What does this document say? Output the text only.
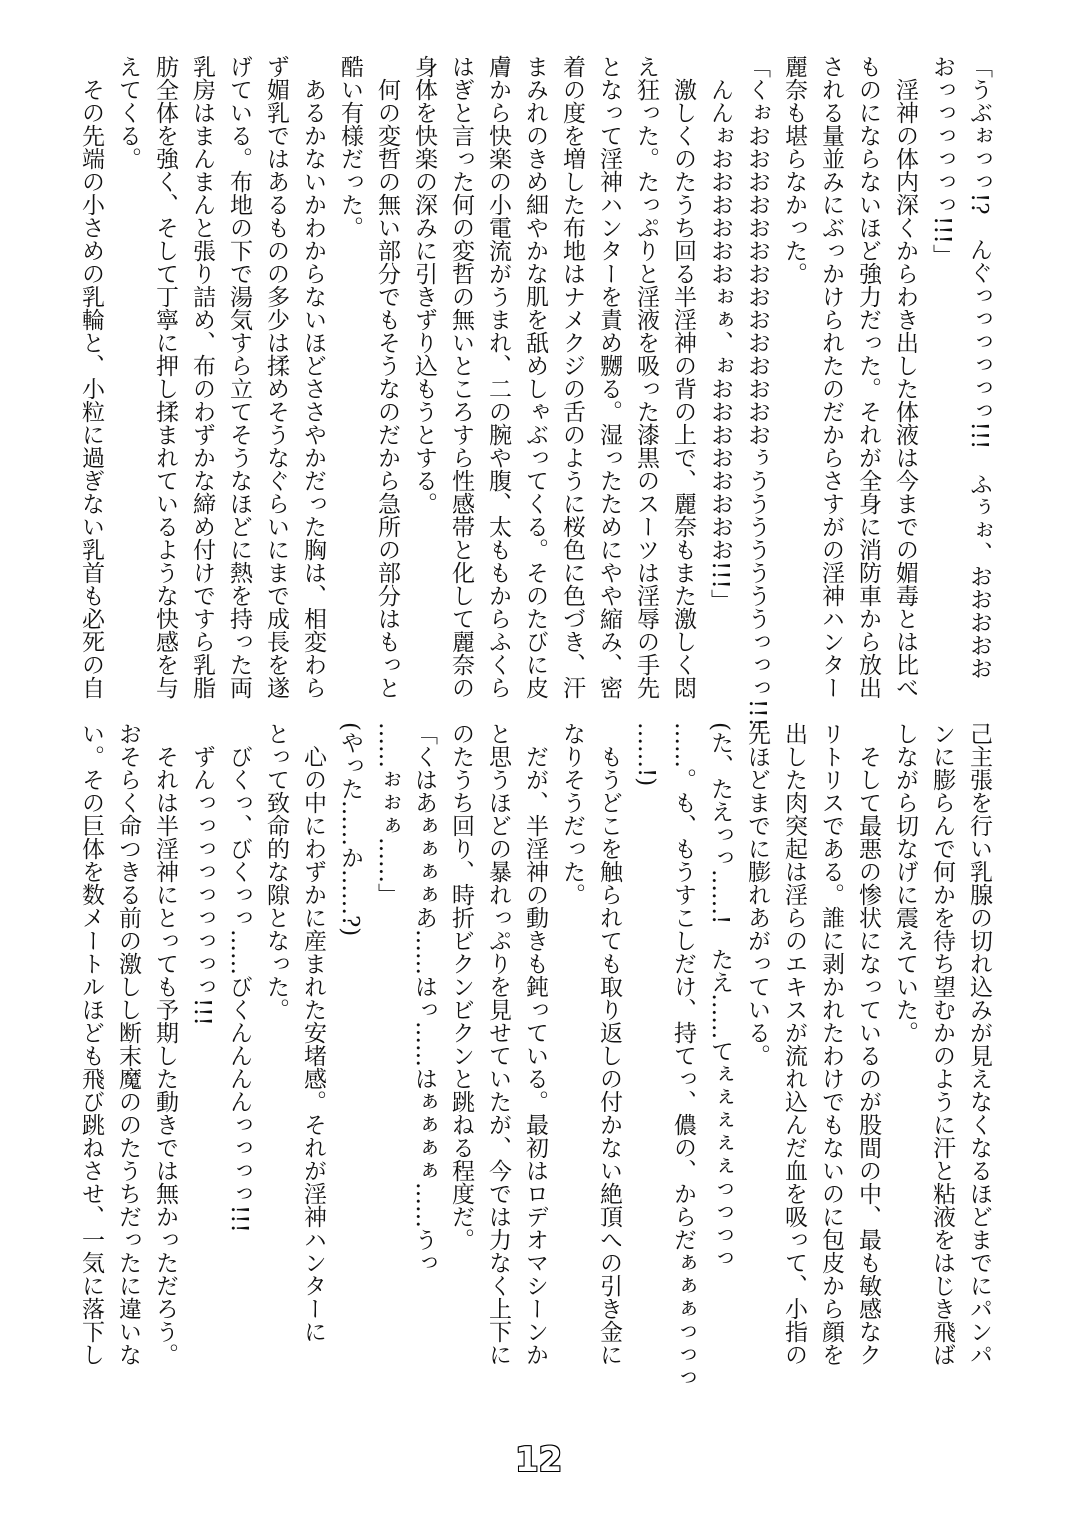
「うぶぉっっ!?　んぐっっっっっっ!!!　ふぅぉ、おおおおお
おっっっっっっ!!!」
　淫神の体内深くからわき出した体液は今までの媚毒とは比べ
ものにならないほど強力だった。それが全身に消防車から放出
される量並みにぶっかけられたのだからさすがの淫神ハンター
麗奈も堪らなかった。
「くぉおおおおおおおおおおおおおおぅうううううううっっっ!!!
　んんぉおおおおおおぉぁ、ぉおおおおおおおお!!!」
　激しくのたうち回る半淫神の背の上で、麗奈もまた激しく悶
え狂った。たっぷりと淫液を吸った漆黒のスーツは淫辱の手先
となって淫神ハンターを責め嬲る。湿ったためにやや縮み、密
着の度を増した布地はナメクジの舌のように桜色に色づき、汗
まみれのきめ細やかな肌を舐めしゃぶってくる。そのたびに皮
膚から快楽の小電流がうまれ、二の腕や腹、太ももからふくら
はぎと言った何の変哲の無いところすら性感帯と化して麗奈の
身体を快楽の深みに引きずり込もうとする。
　何の変哲の無い部分でもそうなのだから急所の部分はもっと
酷い有様だった。
　あるかないかわからないほどささやかだった胸は、相変わら
ず媚乳ではあるものの多少は揉めそうなぐらいにまで成長を遂
げている。布地の下で湯気すら立てそうなほどに熱を持った両
乳房はまんまんと張り詰め、布のわずかな締め付けですら乳脂
肪全体を強く、そして丁寧に押し揉まれているような快感を与
えてくる。
　その先端の小さめの乳輪と、小粒に過ぎない乳首も必死の自
己主張を行い乳腺の切れ込みが見えなくなるほどまでにパンパ
ンに膨らんで何かを待ち望むかのように汗と粘液をはじき飛ば
しながら切なげに震えていた。
　そして最悪の惨状になっているのが股間の中、最も敏感なク
リトリスである。誰に剥かれたわけでもないのに包皮から顔を
出した肉突起は淫らのエキスが流れ込んだ血を吸って、小指の
先ほどまでに膨れあがっている。
(た、たえっっ……!　たえ……てぇぇぇぇぇっっっっ
……。も、もうすこしだけ、持てっ、儂の、からだぁぁぁっっっ
……!)
　もうどこを触られても取り返しの付かない絶頂への引き金に
なりそうだった。
　だが、半淫神の動きも鈍っている。最初はロデオマシーンか
と思うほどの暴れっぷりを見せていたが、今では力なく上下に
のたうち回り、時折ビクンビクンと跳ねる程度だ。
「くはあぁぁぁぁあ……はっ……はぁぁぁぁ……うっ
……ぉぉぁ……」
(やった……か……?)
　心の中にわずかに産まれた安堵感。それが淫神ハンターに
とって致命的な隙となった。
　びくっ、びくっっ……びくんんんんっっっっ!!!
　ずんっっっっっっっっっ!!!
　それは半淫神にとっても予期した動きでは無かっただろう。
おそらく命つきる前の激しし断末魔ののたうちだったに違いな
い。その巨体を数メートルほども飛び跳ねさせ、一気に落下し
12
